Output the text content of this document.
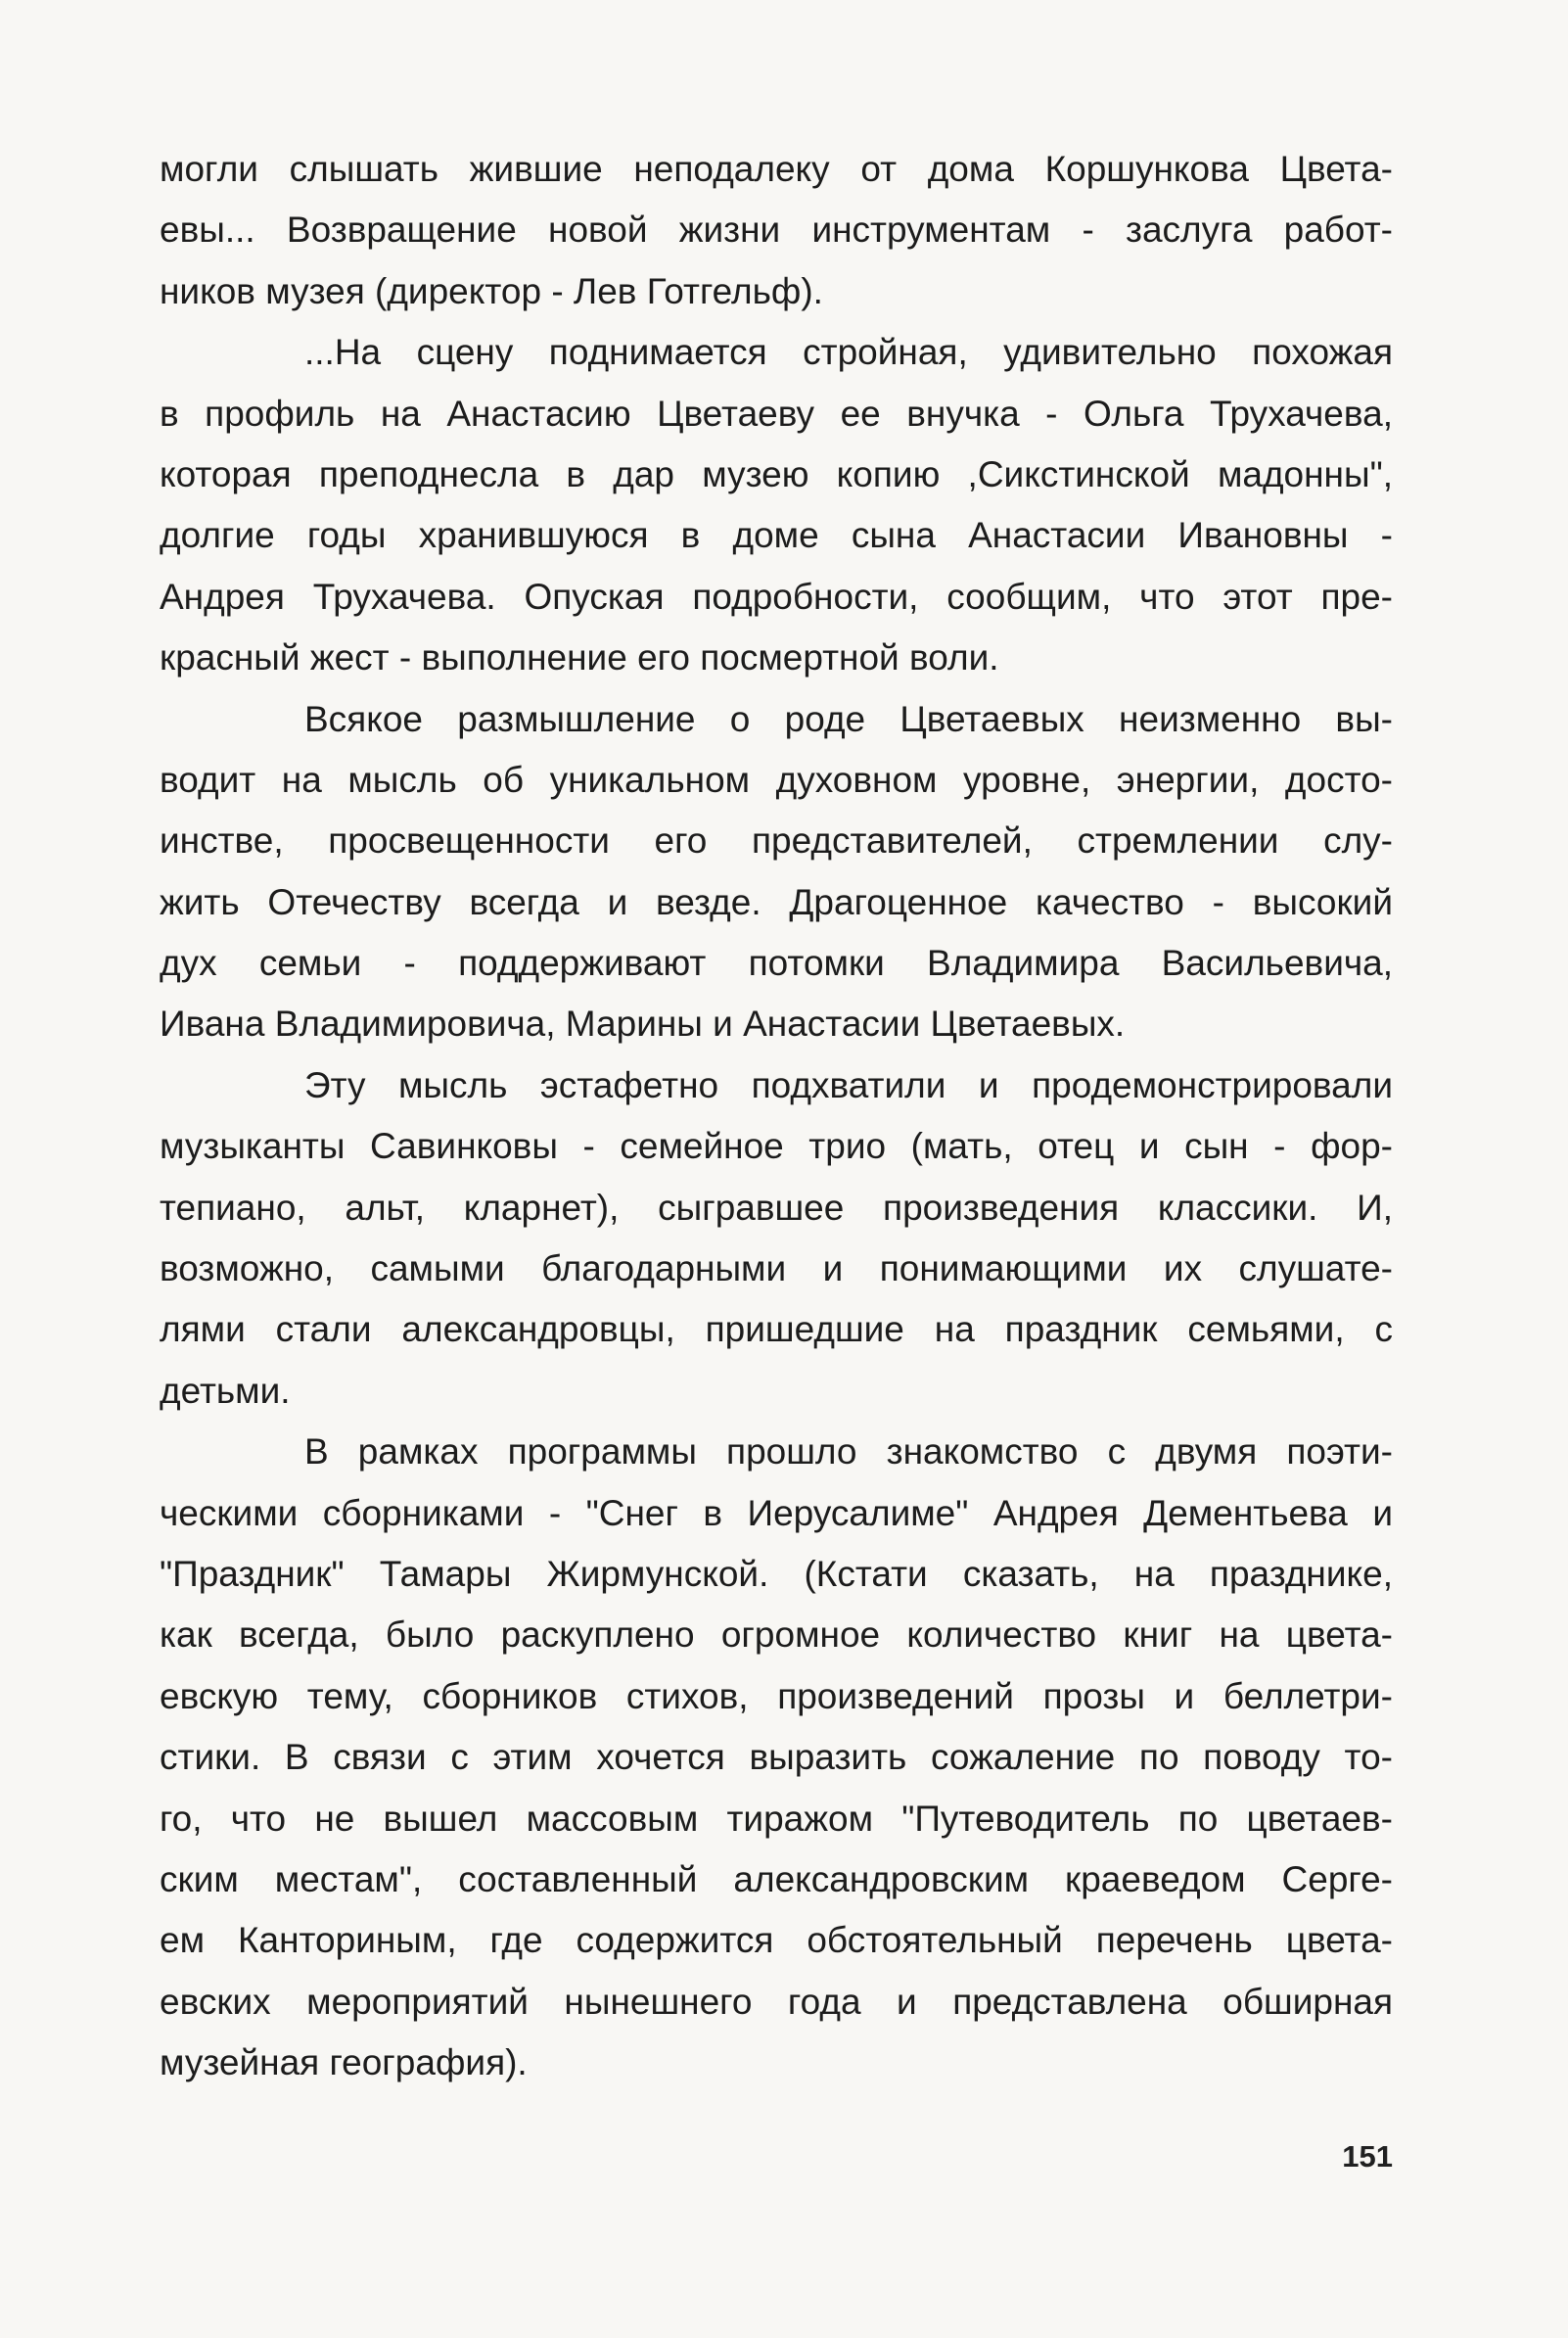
могли слышать жившие неподалеку от дома Коршункова Цвета-
евы... Возвращение новой жизни инструментам - заслуга работ-
ников музея (директор - Лев Готгельф).
...На сцену поднимается стройная, удивительно похожая
в профиль на Анастасию Цветаеву ее внучка - Ольга Трухачева,
которая преподнесла в дар музею копию ,Сикстинской мадонны",
долгие годы хранившуюся в доме сына Анастасии Ивановны -
Андрея Трухачева. Опуская подробности, сообщим, что этот пре-
красный жест - выполнение его посмертной воли.
Всякое размышление о роде Цветаевых неизменно вы-
водит на мысль об уникальном духовном уровне, энергии, досто-
инстве, просвещенности его представителей, стремлении слу-
жить Отечеству всегда и везде. Драгоценное качество - высокий
дух семьи - поддерживают потомки Владимира Васильевича,
Ивана Владимировича, Марины и Анастасии Цветаевых.
Эту мысль эстафетно подхватили и продемонстрировали
музыканты Савинковы - семейное трио (мать, отец и сын - фор-
тепиано, альт, кларнет), сыгравшее произведения классики. И,
возможно, самыми благодарными и понимающими их слушате-
лями стали александровцы, пришедшие на праздник семьями, с
детьми.
В рамках программы прошло знакомство с двумя поэти-
ческими сборниками - "Снег в Иерусалиме" Андрея Дементьева и
"Праздник" Тамары Жирмунской. (Кстати сказать, на празднике,
как всегда, было раскуплено огромное количество книг на цвета-
евскую тему, сборников стихов, произведений прозы и беллетри-
стики. В связи с этим хочется выразить сожаление по поводу то-
го, что не вышел массовым тиражом "Путеводитель по цветаев-
ским местам", составленный александровским краеведом Серге-
ем Канториным, где содержится обстоятельный перечень цвета-
евских мероприятий нынешнего года и представлена обширная
музейная география).
151
